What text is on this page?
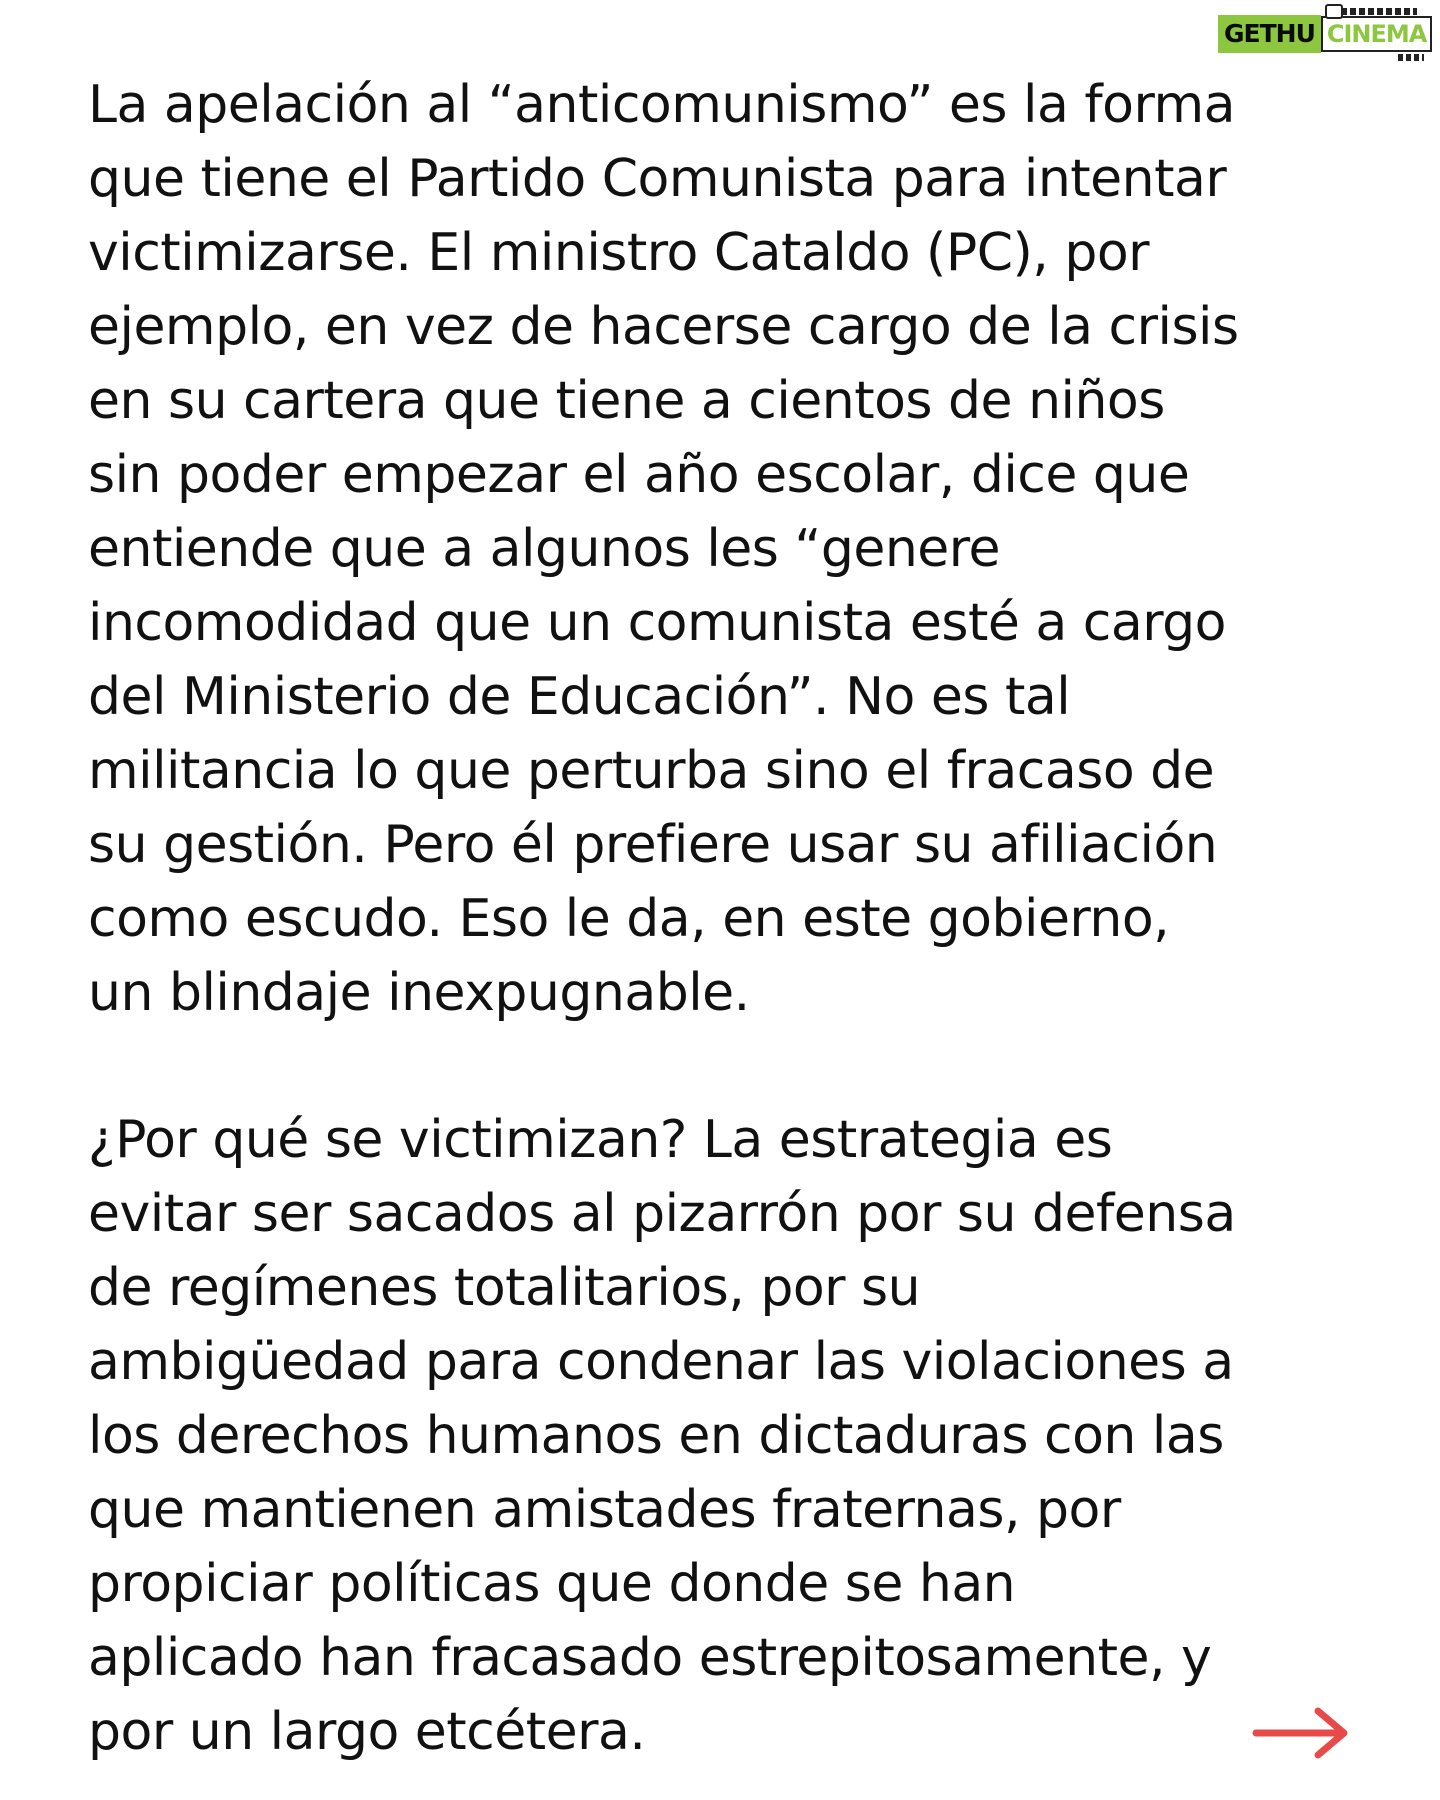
GETHU CINEMA
La apelación al “anticomunismo” es la forma
que tiene el Partido Comunista para intentar
victimizarse. El ministro Cataldo (PC), por
ejemplo, en vez de hacerse cargo de la crisis
en su cartera que tiene a cientos de niños
sin poder empezar el año escolar, dice que
entiende que a algunos les “genere
incomodidad que un comunista esté a cargo
del Ministerio de Educación”. No es tal
militancia lo que perturba sino el fracaso de
su gestión. Pero él prefiere usar su afiliación
como escudo. Eso le da, en este gobierno,
un blindaje inexpugnable.
¿Por qué se victimizan? La estrategia es
evitar ser sacados al pizarrón por su defensa
de regímenes totalitarios, por su
ambigüedad para condenar las violaciones a
los derechos humanos en dictaduras con las
que mantienen amistades fraternas, por
propiciar políticas que donde se han
aplicado han fracasado estrepitosamente, y
por un largo etcétera.
